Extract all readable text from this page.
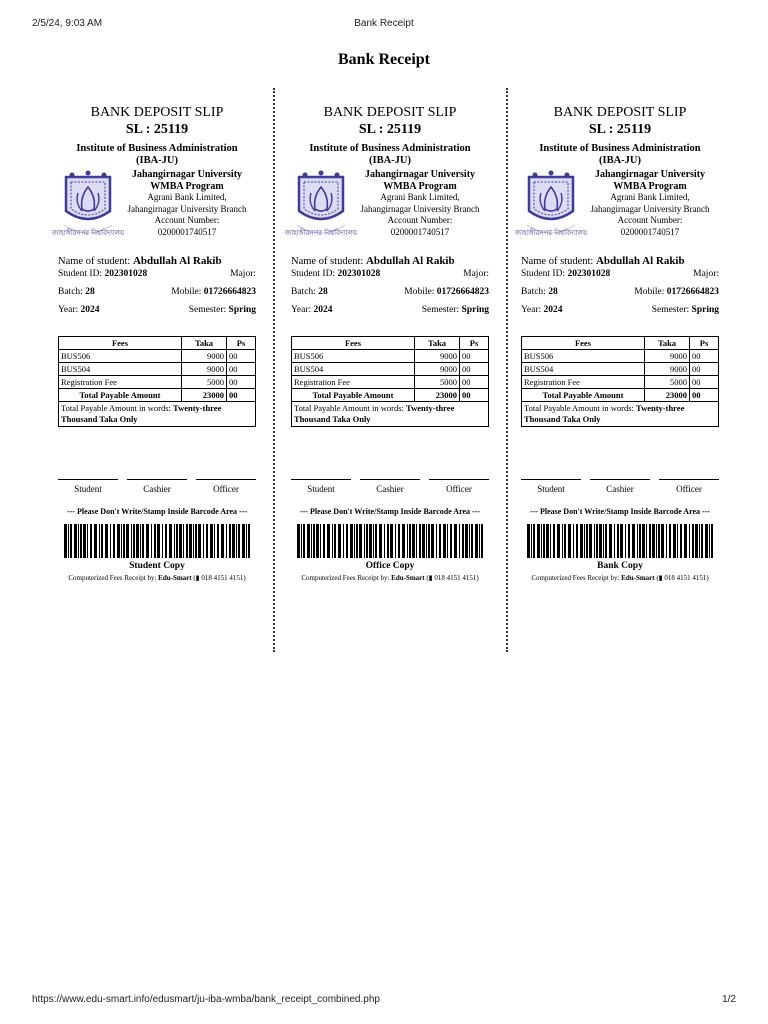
2/5/24, 9:03 AM	Bank Receipt
Bank Receipt
BANK DEPOSIT SLIP
SL : 25119
Institute of Business Administration
(IBA-JU)
জাহাঙ্গীরনগর বিশ্ববিদ্যালয়
Jahangirnagar University
WMBA Program
Agrani Bank Limited,
Jahangirnagar University Branch
Account Number:
0200001740517
Name of student: Abdullah Al Rakib
Student ID: 202301028	Major:
Batch: 28	Mobile: 01726664823
Year: 2024	Semester: Spring
Fees	Taka	Ps
BUS506	9000	00
BUS504	9000	00
Registration Fee	5000	00
Total Payable Amount	23000	00
Total Payable Amount in words: Twenty-three Thousand Taka Only
Student	Cashier	Officer
--- Please Don't Write/Stamp Inside Barcode Area ---
Student Copy
Computerized Fees Receipt by: Edu-Smart (▮ 018 4151 4151)
BANK DEPOSIT SLIP
SL : 25119
Institute of Business Administration
(IBA-JU)
জাহাঙ্গীরনগর বিশ্ববিদ্যালয়
Jahangirnagar University
WMBA Program
Agrani Bank Limited,
Jahangirnagar University Branch
Account Number:
0200001740517
Name of student: Abdullah Al Rakib
Student ID: 202301028	Major:
Batch: 28	Mobile: 01726664823
Year: 2024	Semester: Spring
Fees	Taka	Ps
BUS506	9000	00
BUS504	9000	00
Registration Fee	5000	00
Total Payable Amount	23000	00
Total Payable Amount in words: Twenty-three Thousand Taka Only
Student	Cashier	Officer
--- Please Don't Write/Stamp Inside Barcode Area ---
Office Copy
Computerized Fees Receipt by: Edu-Smart (▮ 018 4151 4151)
BANK DEPOSIT SLIP
SL : 25119
Institute of Business Administration
(IBA-JU)
জাহাঙ্গীরনগর বিশ্ববিদ্যালয়
Jahangirnagar University
WMBA Program
Agrani Bank Limited,
Jahangirnagar University Branch
Account Number:
0200001740517
Name of student: Abdullah Al Rakib
Student ID: 202301028	Major:
Batch: 28	Mobile: 01726664823
Year: 2024	Semester: Spring
Fees	Taka	Ps
BUS506	9000	00
BUS504	9000	00
Registration Fee	5000	00
Total Payable Amount	23000	00
Total Payable Amount in words: Twenty-three Thousand Taka Only
Student	Cashier	Officer
--- Please Don't Write/Stamp Inside Barcode Area ---
Bank Copy
Computerized Fees Receipt by: Edu-Smart (▮ 018 4151 4151)
https://www.edu-smart.info/edusmart/ju-iba-wmba/bank_receipt_combined.php	1/2
